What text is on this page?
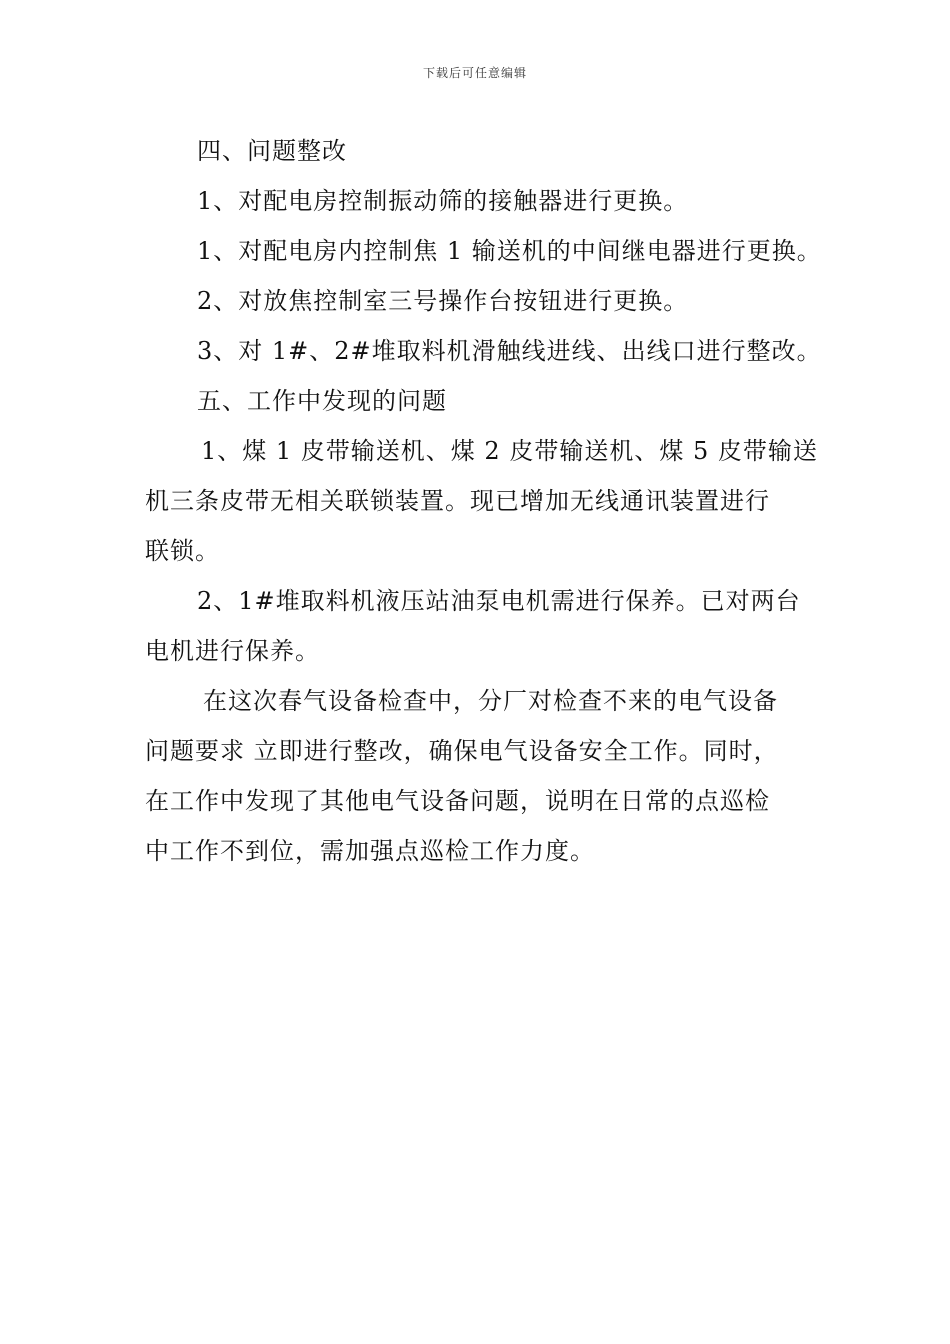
下载后可任意编辑
四、问题整改
1、对配电房控制振动筛的接触器进行更换。
1、对配电房内控制焦 1 输送机的中间继电器进行更换。
2、对放焦控制室三号操作台按钮进行更换。
3、对 1#、2#堆取料机滑触线进线、出线口进行整改。
五、工作中发现的问题
1、煤 1 皮带输送机、煤 2 皮带输送机、煤 5 皮带输送
机三条皮带无相关联锁装置。现已增加无线通讯装置进行
联锁。
2、1#堆取料机液压站油泵电机需进行保养。已对两台
电机进行保养。
在这次春气设备检查中，分厂对检查不来的电气设备
问题要求 立即进行整改，确保电气设备安全工作。同时，
在工作中发现了其他电气设备问题，说明在日常的点巡检
中工作不到位，需加强点巡检工作力度。
